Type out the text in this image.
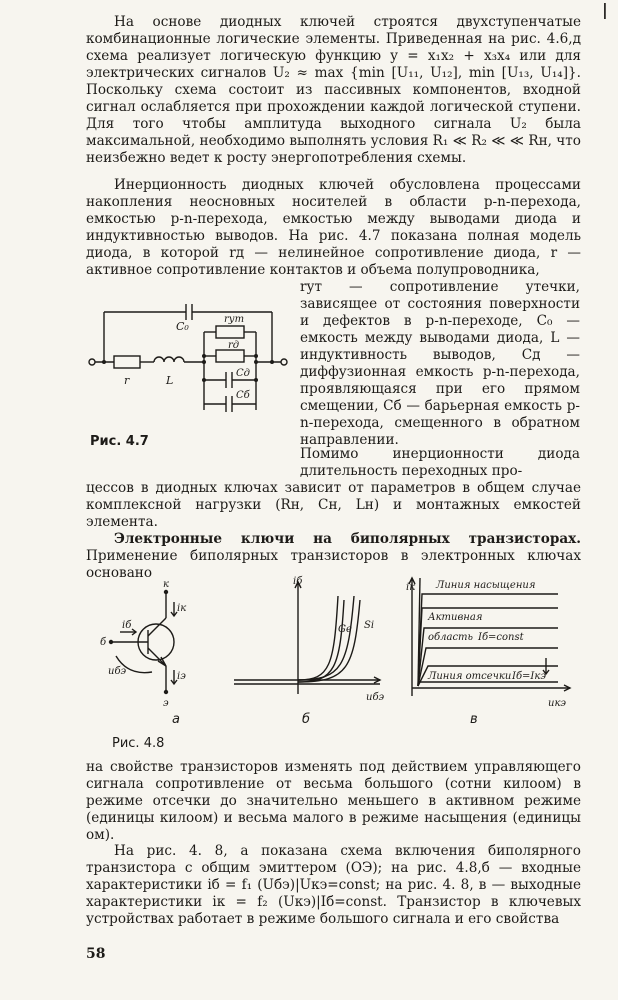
|

На основе диодных ключей строятся двухступенчатые комбинационные логические элементы. Приведенная на рис. 4.6,д схема реализует логическую функцию y = x₁x₂ + x₃x₄ или для электрических сигналов U₂ ≈ max {min [U₁₁, U₁₂], min [U₁₃, U₁₄]}. Поскольку схема состоит из пассивных компонентов, входной сигнал ослабляется при прохождении каждой логической ступени. Для того чтобы амплитуда выходного сигнала U₂ была максимальной, необходимо выполнять условия R₁ ≪ R₂ ≪ ≪ Rн, что неизбежно ведет к росту энергопотребления схемы.

Инерционность диодных ключей обусловлена процессами накопления неосновных носителей в области p-n-перехода, емкостью p-n-перехода, емкостью между выводами диода и индуктивностью выводов. На рис. 4.7 показана полная модель диода, в которой rд — нелинейное сопротивление диода, r — активное сопротивление контактов и объема полупроводника,

rут — сопротивление утечки, зависящее от состояния поверхности и дефектов в p-n-переходе, C₀ — емкость между выводами диода, L — индуктивность выводов, Cд — диффузионная емкость p-n-перехода, проявляющаяся при его прямом смещении, Cб — барьерная емкость p-n-перехода, смещенного в обратном направлении.

Помимо инерционности диода длительность переходных про-

цессов в диодных ключах зависит от параметров в общем случае комплексной нагрузки (Rн, Cн, Lн) и монтажных емкостей элемента.

Электронные ключи на биполярных транзисторах. Применение биполярных транзисторов в электронных ключах основано

на свойстве транзисторов изменять под действием управляющего сигнала сопротивление от весьма большого (сотни килоом) в режиме отсечки до значительно меньшего в активном режиме (единицы килоом) и весьма малого в режиме насыщения (единицы ом).

На рис. 4. 8, а показана схема включения биполярного транзистора с общим эмиттером (ОЭ); на рис. 4.8,б — входные характеристики iб = f₁ (Uбэ)|Uкэ=const; на рис. 4. 8, в — выходные характеристики iк = f₂ (Uкэ)|Iб=const. Транзистор в ключевых устройствах работает в режиме большого сигнала и его свойства

C₀
rут
rд
Cд
Cб
r	L
Рис. 4.7
к
iк
iб
б
uбэ	iэ
э
а
iб
uбэ
Ge Si
б
iк
uкэ
Линия насыщения
Активная
область Iб=const
Линия отсечки Iб=Iкэ
в
Рис. 4.8
58
